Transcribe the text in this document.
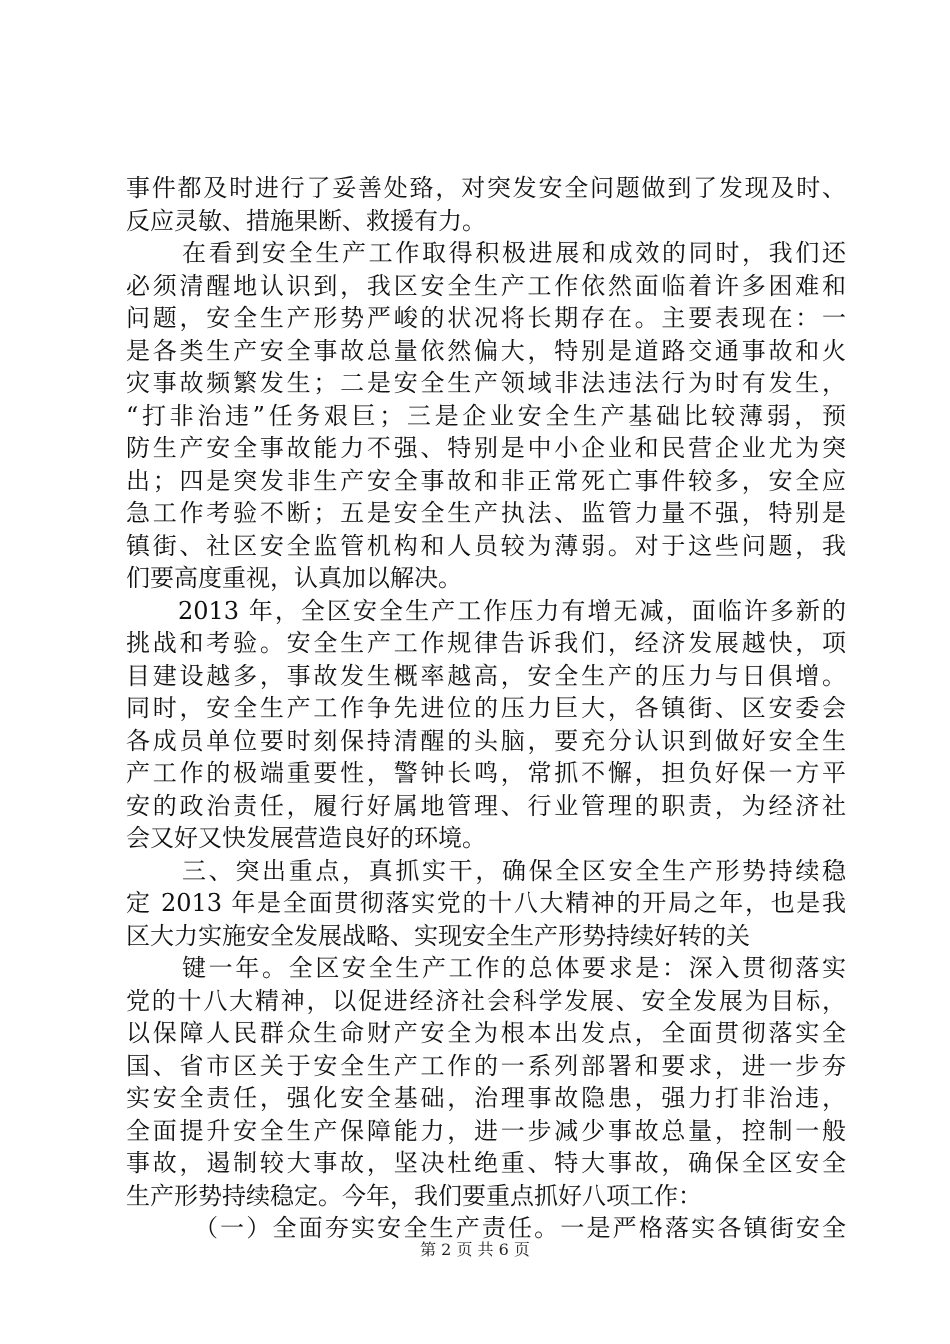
事件都及时进行了妥善处臵，对突发安全问题做到了发现及时、
反应灵敏、措施果断、救援有力。
在看到安全生产工作取得积极进展和成效的同时，我们还
必须清醒地认识到，我区安全生产工作依然面临着许多困难和
问题，安全生产形势严峻的状况将长期存在。主要表现在：一
是各类生产安全事故总量依然偏大，特别是道路交通事故和火
灾事故频繁发生；二是安全生产领域非法违法行为时有发生，
“打非治违”任务艰巨；三是企业安全生产基础比较薄弱，预
防生产安全事故能力不强、特别是中小企业和民营企业尤为突
出；四是突发非生产安全事故和非正常死亡事件较多，安全应
急工作考验不断；五是安全生产执法、监管力量不强，特别是
镇街、社区安全监管机构和人员较为薄弱。对于这些问题，我
们要高度重视，认真加以解决。
2013 年，全区安全生产工作压力有增无减，面临许多新的
挑战和考验。安全生产工作规律告诉我们，经济发展越快，项
目建设越多，事故发生概率越高，安全生产的压力与日俱增。
同时，安全生产工作争先进位的压力巨大，各镇街、区安委会
各成员单位要时刻保持清醒的头脑，要充分认识到做好安全生
产工作的极端重要性，警钟长鸣，常抓不懈，担负好保一方平
安的政治责任，履行好属地管理、行业管理的职责，为经济社
会又好又快发展营造良好的环境。
三、突出重点，真抓实干，确保全区安全生产形势持续稳
定 2013 年是全面贯彻落实党的十八大精神的开局之年，也是我
区大力实施安全发展战略、实现安全生产形势持续好转的关
键一年。全区安全生产工作的总体要求是：深入贯彻落实
党的十八大精神，以促进经济社会科学发展、安全发展为目标，
以保障人民群众生命财产安全为根本出发点，全面贯彻落实全
国、省市区关于安全生产工作的一系列部署和要求，进一步夯
实安全责任，强化安全基础，治理事故隐患，强力打非治违，
全面提升安全生产保障能力，进一步减少事故总量，控制一般
事故，遏制较大事故，坚决杜绝重、特大事故，确保全区安全
生产形势持续稳定。今年，我们要重点抓好八项工作：
（一）全面夯实安全生产责任。一是严格落实各镇街安全
第 2 页 共 6 页
